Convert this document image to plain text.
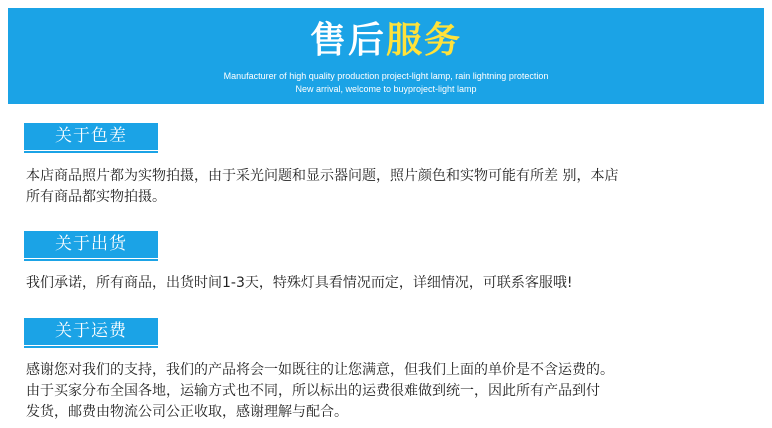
售后服务
Manufacturer of high quality production project-light lamp, rain lightning protection
New arrival, welcome to buyproject-light lamp
关于色差
本店商品照片都为实物拍摄，由于采光问题和显示器问题，照片颜色和实物可能有所差 别，本店
所有商品都实物拍摄。
关于出货
我们承诺，所有商品，出货时间1-3天，特殊灯具看情况而定，详细情况，可联系客服哦!
关于运费
感谢您对我们的支持，我们的产品将会一如既往的让您满意，但我们上面的单价是不含运费的。
由于买家分布全国各地，运输方式也不同，所以标出的运费很难做到统一，因此所有产品到付
发货，邮费由物流公司公正收取，感谢理解与配合。
